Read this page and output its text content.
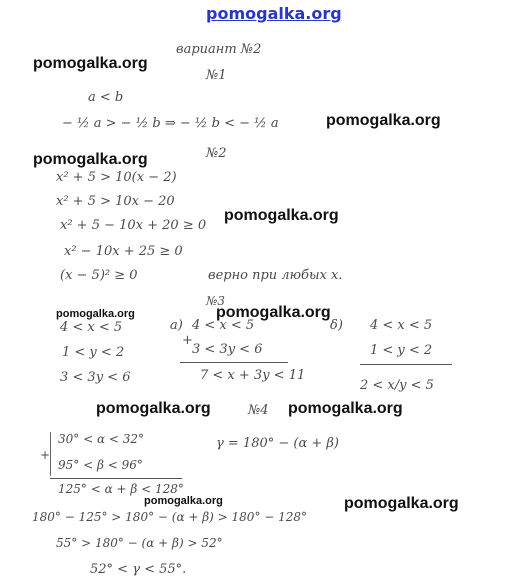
pomogalka.org
pomogalka.org
pomogalka.org
pomogalka.org
pomogalka.org
pomogalka.org	pomogalka.org
pomogalka.org	pomogalka.org
pomogalka.org
pomogalka.org
вариант №2
№1
a < b
− ½ a > − ½ b ⇒ − ½ b < − ½ a
№2
x² + 5 > 10(x − 2)
x² + 5 > 10x − 20
x² + 5 − 10x + 20 ≥ 0
x² − 10x + 25 ≥ 0
(x − 5)² ≥ 0	верно при любых x.
№3
4 < x < 5
1 < y < 2
3 < 3y < 6
a) 4 < x < 5
+
3 < 3y < 6
7 < x + 3y < 11
δ) 4 < x < 5
1 < y < 2
2 < x/y < 5
№4
30° < α < 32°
+
95° < β < 96°
125° < α + β < 128°
γ = 180° − (α + β)
180° − 125° > 180° − (α + β) > 180° − 128°
55° > 180° − (α + β) > 52°
52° < γ < 55°.
